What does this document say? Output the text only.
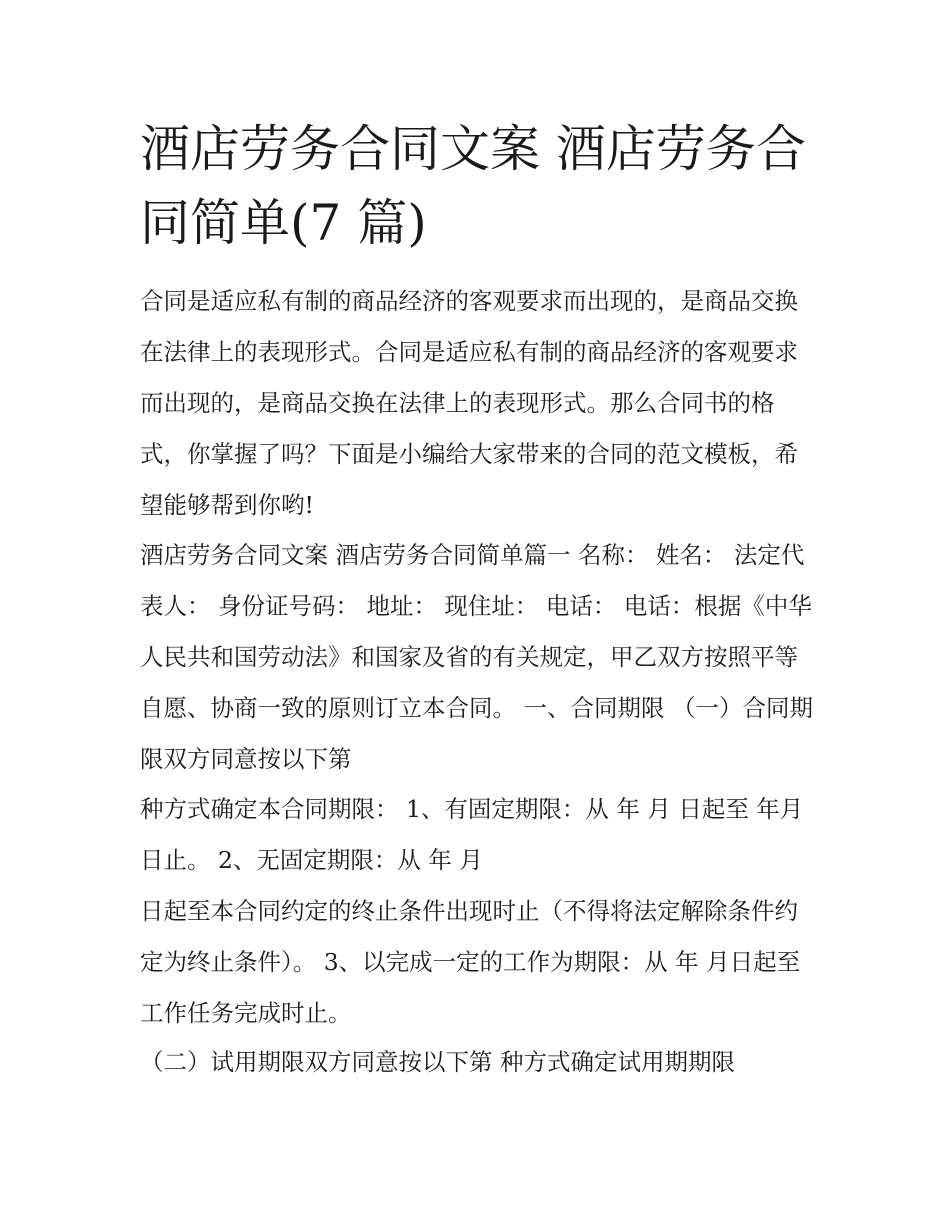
酒店劳务合同文案 酒店劳务合同简单(7 篇)

合同是适应私有制的商品经济的客观要求而出现的，是商品交换在法律上的表现形式。合同是适应私有制的商品经济的客观要求而出现的，是商品交换在法律上的表现形式。那么合同书的格式，你掌握了吗？下面是小编给大家带来的合同的范文模板，希望能够帮到你哟!

酒店劳务合同文案 酒店劳务合同简单篇一 名称： 姓名： 法定代表人： 身份证号码： 地址： 现住址： 电话： 电话：根据《中华人民共和国劳动法》和国家及省的有关规定，甲乙双方按照平等自愿、协商一致的原则订立本合同。 一、合同期限 （一）合同期限双方同意按以下第

种方式确定本合同期限： 1、有固定期限：从 年 月 日起至 年月 日止。 2、无固定期限：从 年 月

日起至本合同约定的终止条件出现时止（不得将法定解除条件约定为终止条件）。 3、以完成一定的工作为期限：从 年 月日起至 工作任务完成时止。

（二）试用期限双方同意按以下第 种方式确定试用期期限
